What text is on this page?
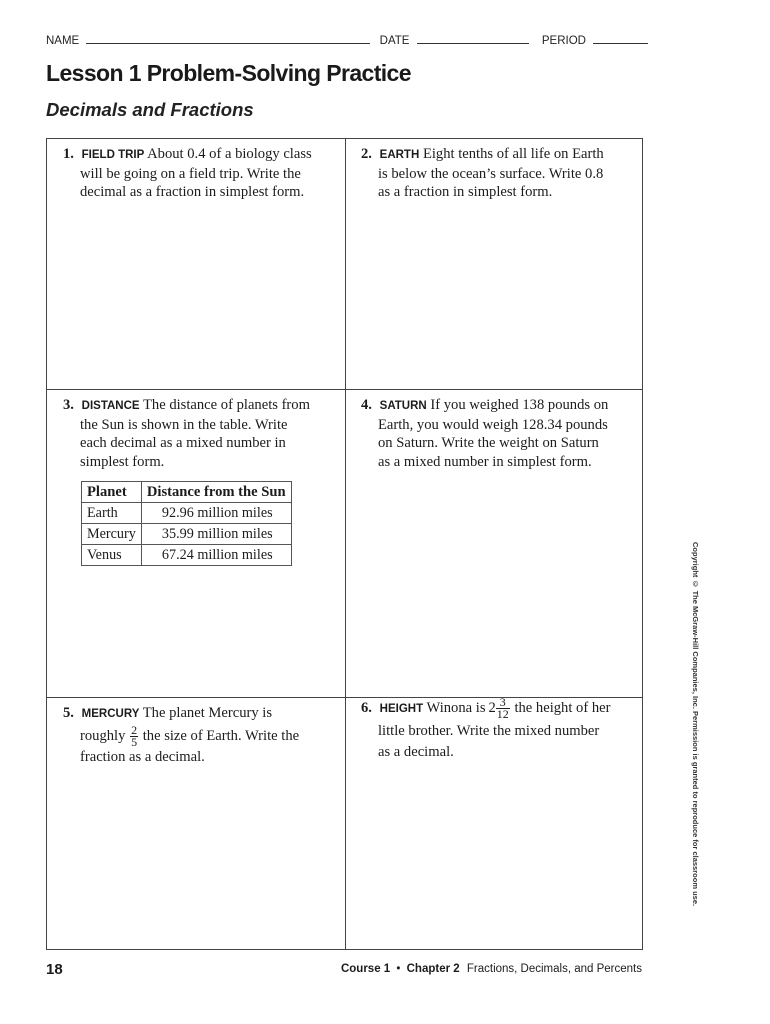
NAME	DATE	PERIOD
Lesson 1 Problem-Solving Practice
Decimals and Fractions
1. FIELD TRIP About 0.4 of a biology class
will be going on a field trip. Write the
decimal as a fraction in simplest form.
2. EARTH Eight tenths of all life on Earth
is below the ocean’s surface. Write 0.8
as a fraction in simplest form.
3. DISTANCE The distance of planets from
the Sun is shown in the table. Write
each decimal as a mixed number in
simplest form.
Planet	Distance from the Sun
Earth	92.96 million miles
Mercury	35.99 million miles
Venus	67.24 million miles
4. SATURN If you weighed 138 pounds on
Earth, you would weigh 128.34 pounds
on Saturn. Write the weight on Saturn
as a mixed number in simplest form.
5. MERCURY The planet Mercury is
roughly $\frac{2}{5}$ the size of Earth. Write the
fraction as a decimal.
6. HEIGHT Winona is $2 \frac{3}{12}$ the height of her
little brother. Write the mixed number
as a decimal.	Copyright © The McGraw-Hill Companies, Inc. Permission is granted to reproduce for classroom use.
18	Course 1 • Chapter 2 Fractions, Decimals, and Percents
